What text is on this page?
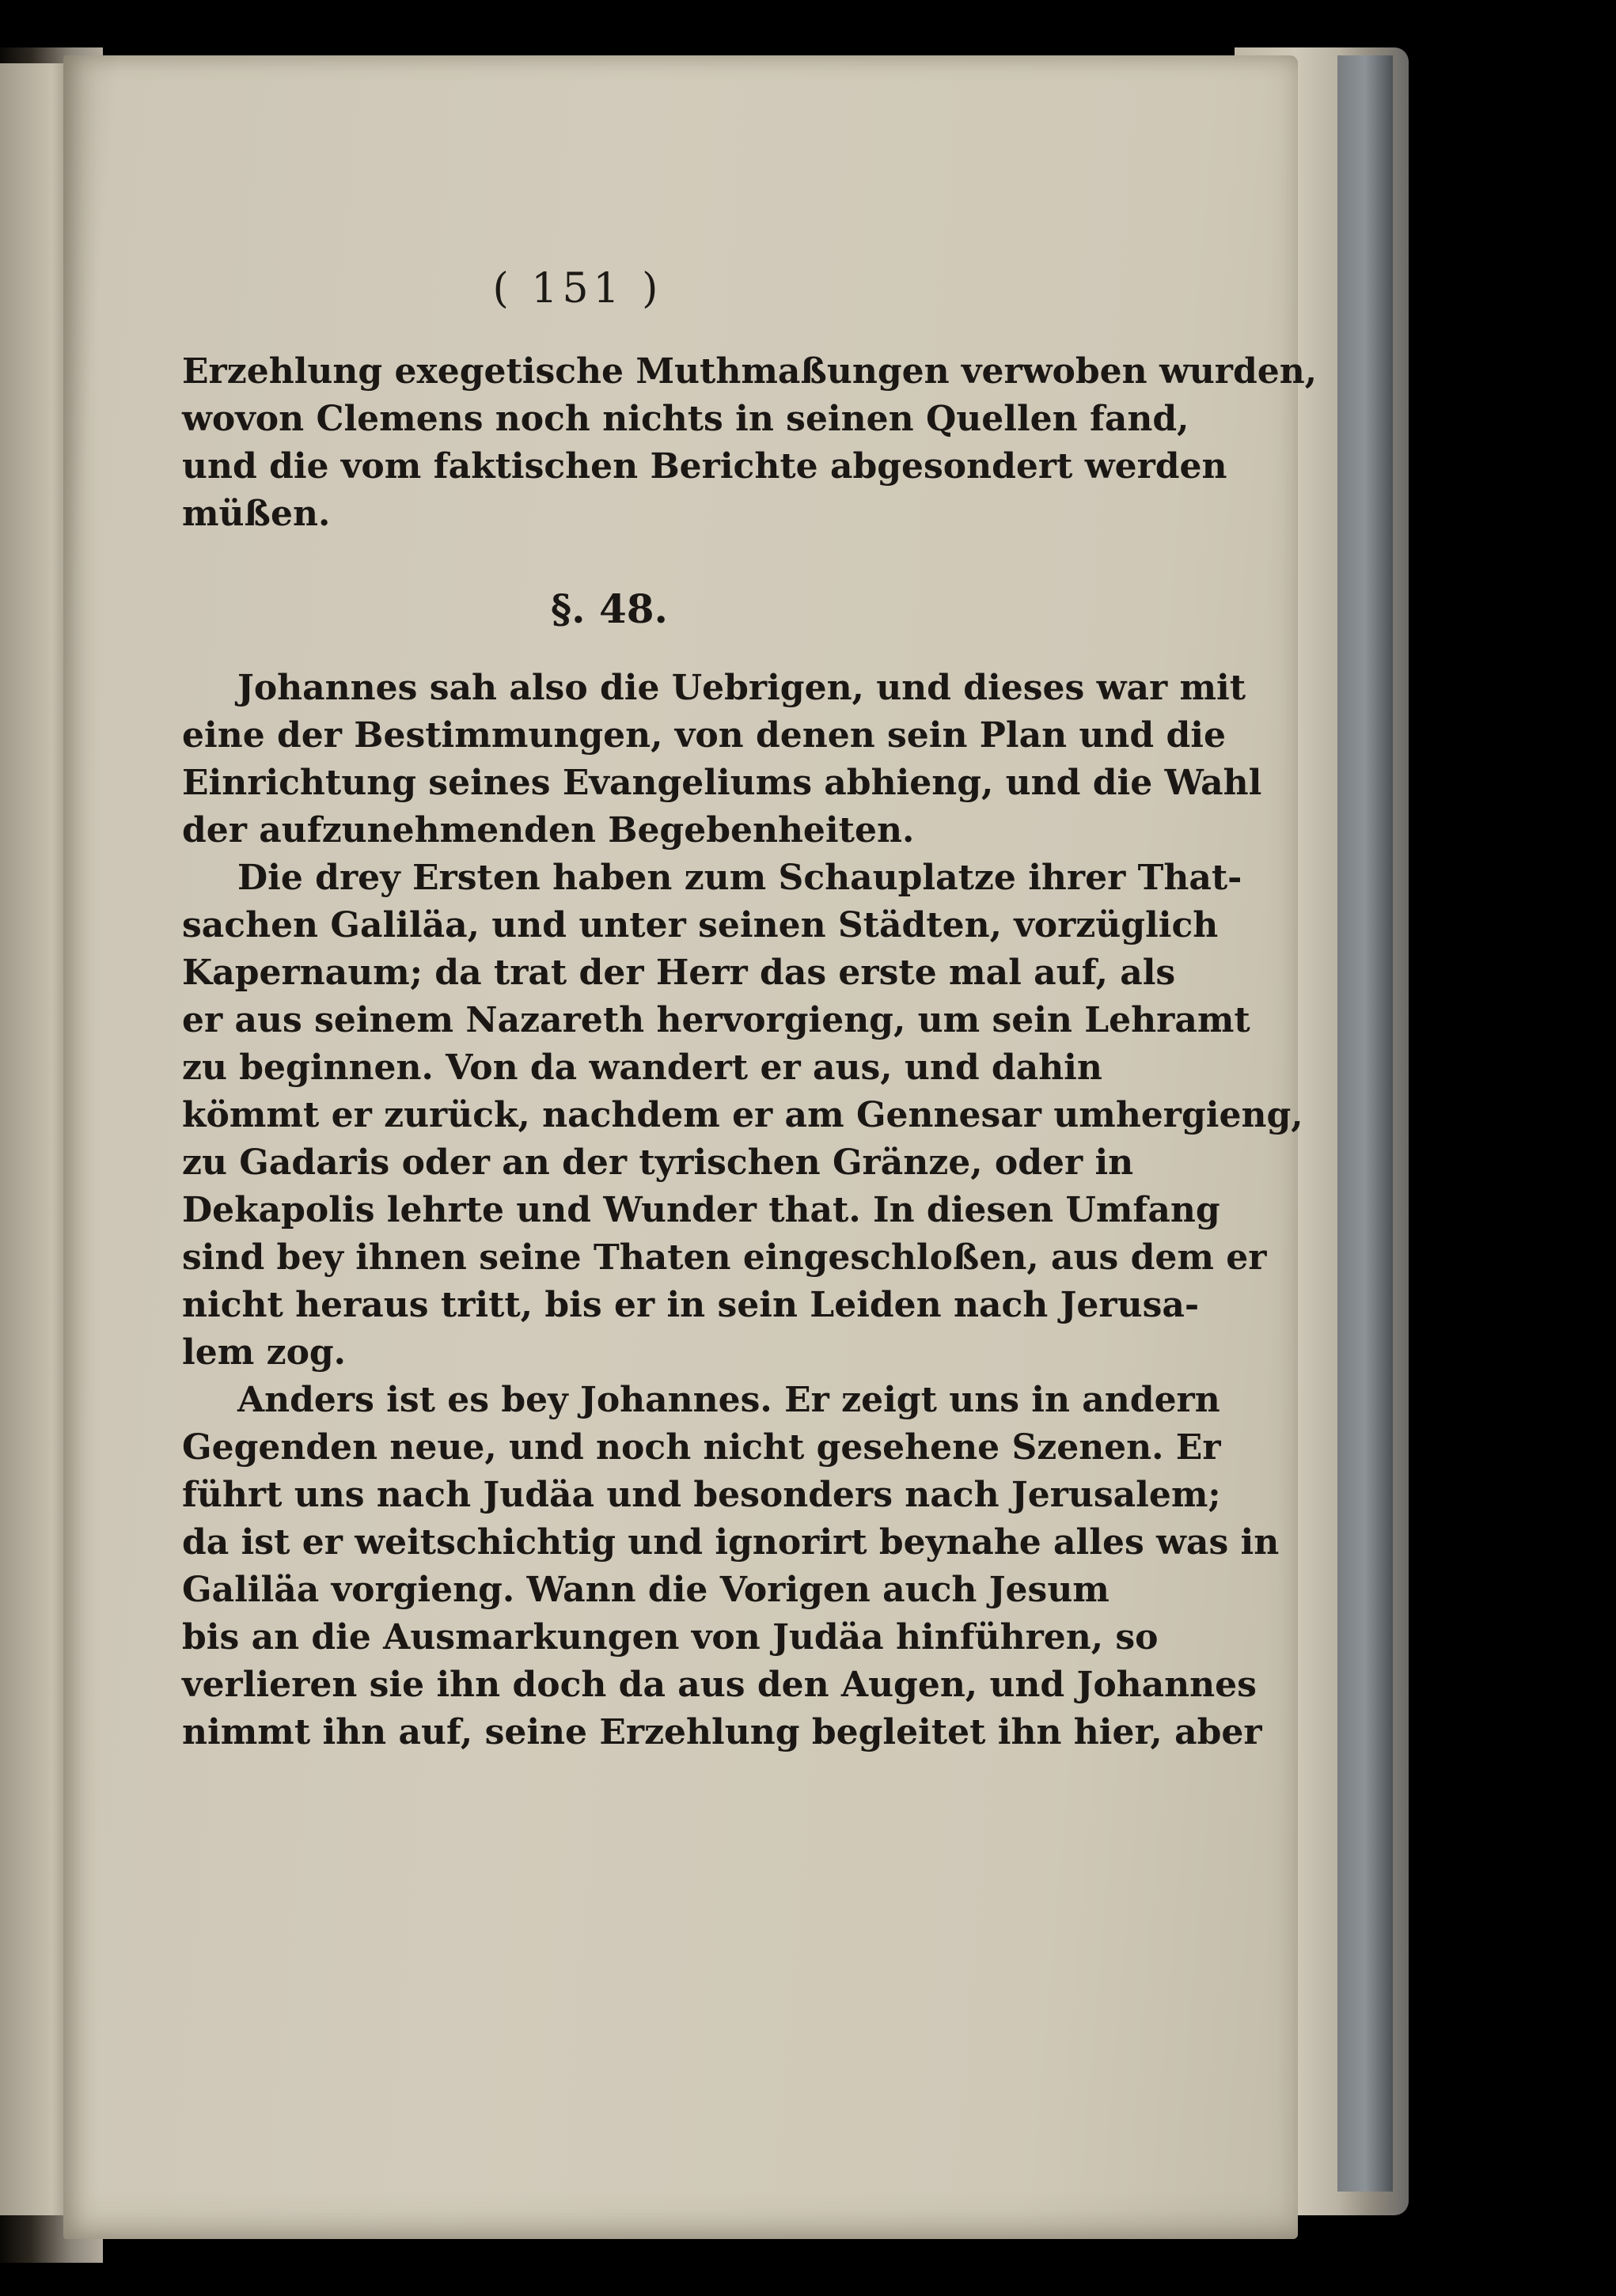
( 151 )
Erzehlung exegetische Muthmaßungen verwoben wurden,
wovon Clemens noch nichts in seinen Quellen fand,
und die vom faktischen Berichte abgesondert werden
müßen.
§. 48.
Johannes sah also die Uebrigen, und dieses war mit
eine der Bestimmungen, von denen sein Plan und die
Einrichtung seines Evangeliums abhieng, und die Wahl
der aufzunehmenden Begebenheiten.
Die drey Ersten haben zum Schauplatze ihrer That-
sachen Galiläa, und unter seinen Städten, vorzüglich
Kapernaum; da trat der Herr das erste mal auf, als
er aus seinem Nazareth hervorgieng, um sein Lehramt
zu beginnen. Von da wandert er aus, und dahin
kömmt er zurück, nachdem er am Gennesar umhergieng,
zu Gadaris oder an der tyrischen Gränze, oder in
Dekapolis lehrte und Wunder that. In diesen Umfang
sind bey ihnen seine Thaten eingeschloßen, aus dem er
nicht heraus tritt, bis er in sein Leiden nach Jerusa-
lem zog.
Anders ist es bey Johannes. Er zeigt uns in andern
Gegenden neue, und noch nicht gesehene Szenen. Er
führt uns nach Judäa und besonders nach Jerusalem;
da ist er weitschichtig und ignorirt beynahe alles was in
Galiläa vorgieng. Wann die Vorigen auch Jesum
bis an die Ausmarkungen von Judäa hinführen, so
verlieren sie ihn doch da aus den Augen, und Johannes
nimmt ihn auf, seine Erzehlung begleitet ihn hier, aber
